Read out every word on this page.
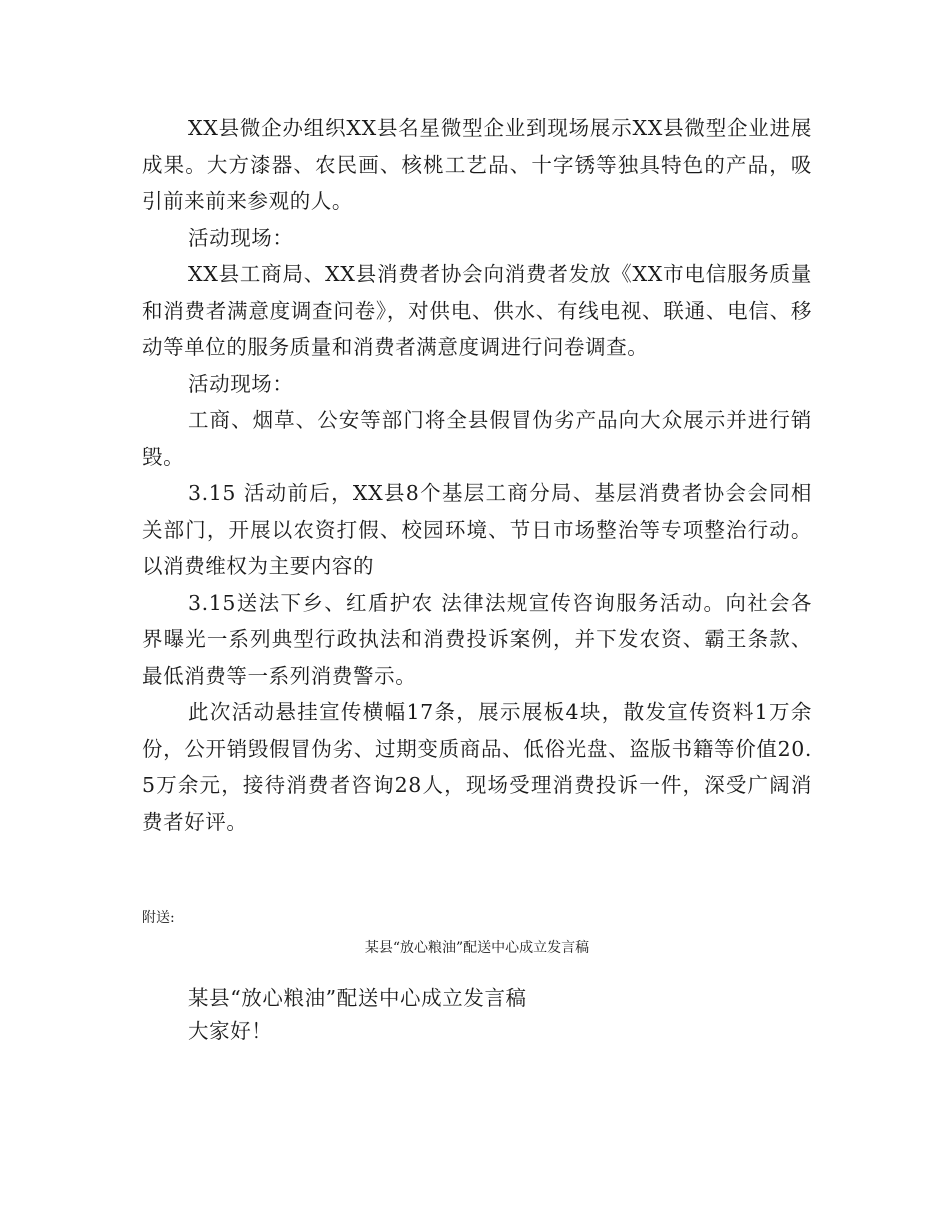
XX县微企办组织XX县名星微型企业到现场展示XX县微型企业进展成果。大方漆器、农民画、核桃工艺品、十字锈等独具特色的产品，吸引前来前来参观的人。

活动现场：

XX县工商局、XX县消费者协会向消费者发放《XX市电信服务质量和消费者满意度调查问卷》，对供电、供水、有线电视、联通、电信、移动等单位的服务质量和消费者满意度调进行问卷调查。

活动现场：

工商、烟草、公安等部门将全县假冒伪劣产品向大众展示并进行销毁。

3.15 活动前后，XX县8个基层工商分局、基层消费者协会会同相关部门，开展以农资打假、校园环境、节日市场整治等专项整治行动。以消费维权为主要内容的

3.15送法下乡、红盾护农 法律法规宣传咨询服务活动。向社会各界曝光一系列典型行政执法和消费投诉案例，并下发农资、霸王条款、最低消费等一系列消费警示。

此次活动悬挂宣传横幅17条，展示展板4块，散发宣传资料1万余份，公开销毁假冒伪劣、过期变质商品、低俗光盘、盗版书籍等价值20.5万余元，接待消费者咨询28人，现场受理消费投诉一件，深受广阔消费者好评。

附送:

某县“放心粮油”配送中心成立发言稿

某县“放心粮油”配送中心成立发言稿

大家好！
